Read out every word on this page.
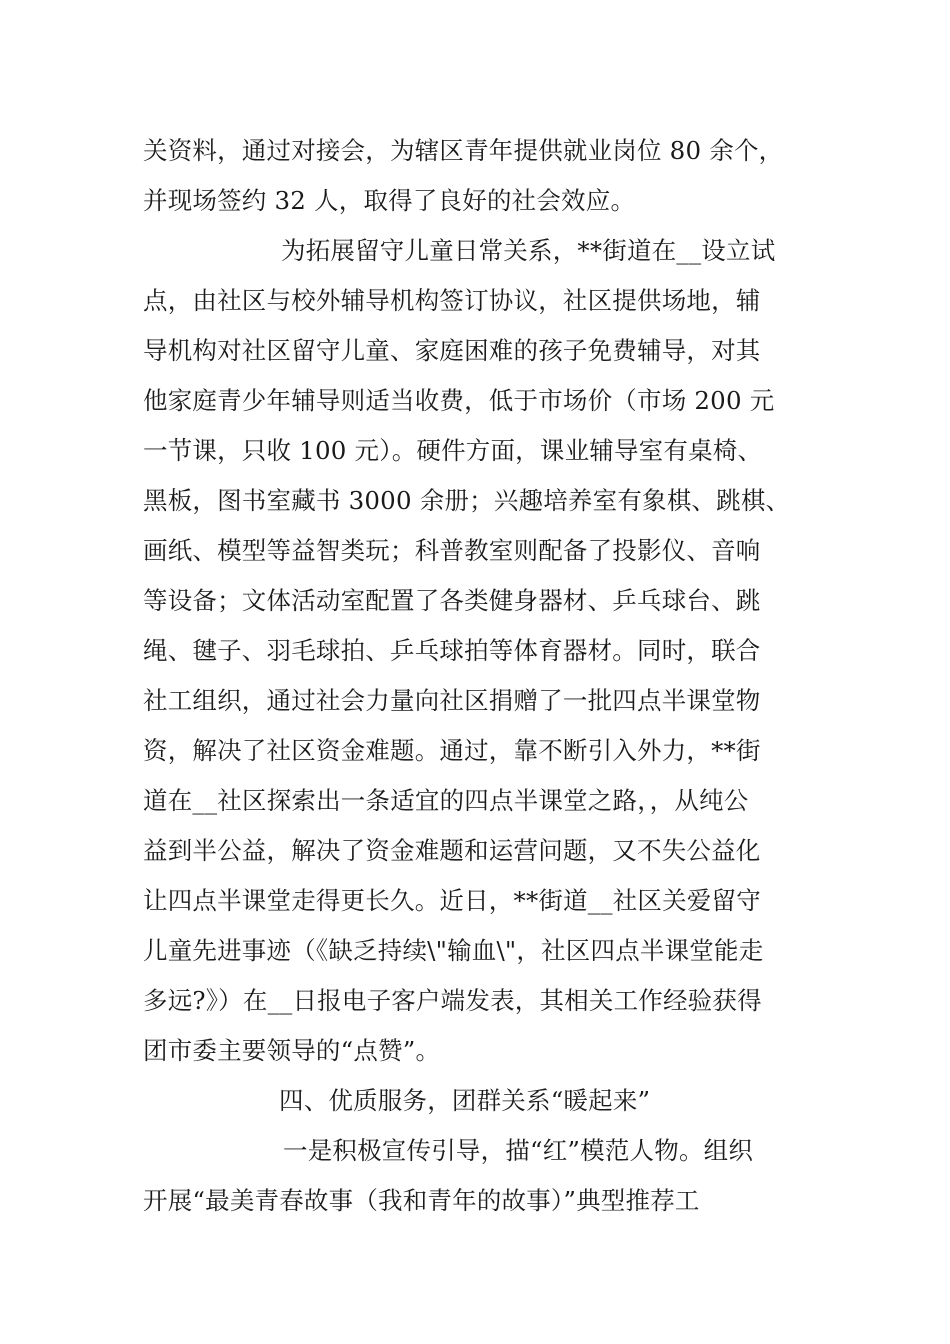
关资料，通过对接会，为辖区青年提供就业岗位 80 余个，
并现场签约 32 人，取得了良好的社会效应。
为拓展留守儿童日常关系，**街道在__设立试
点，由社区与校外辅导机构签订协议，社区提供场地，辅
导机构对社区留守儿童、家庭困难的孩子免费辅导，对其
他家庭青少年辅导则适当收费，低于市场价（市场 200 元
一节课，只收 100 元）。硬件方面，课业辅导室有桌椅、
黑板，图书室藏书 3000 余册；兴趣培养室有象棋、跳棋、
画纸、模型等益智类玩；科普教室则配备了投影仪、音响
等设备；文体活动室配置了各类健身器材、乒乓球台、跳
绳、毽子、羽毛球拍、乒乓球拍等体育器材。同时，联合
社工组织，通过社会力量向社区捐赠了一批四点半课堂物
资，解决了社区资金难题。通过，靠不断引入外力，**街
道在__社区探索出一条适宜的四点半课堂之路，，从纯公
益到半公益，解决了资金难题和运营问题，又不失公益化
让四点半课堂走得更长久。近日，**街道__社区关爱留守
儿童先进事迹（《缺乏持续\"输血\"，社区四点半课堂能走
多远?》）在__日报电子客户端发表，其相关工作经验获得
团市委主要领导的“点赞”。
四、优质服务，团群关系“暖起来”
一是积极宣传引导，描“红”模范人物。组织
开展“最美青春故事（我和青年的故事）”典型推荐工
